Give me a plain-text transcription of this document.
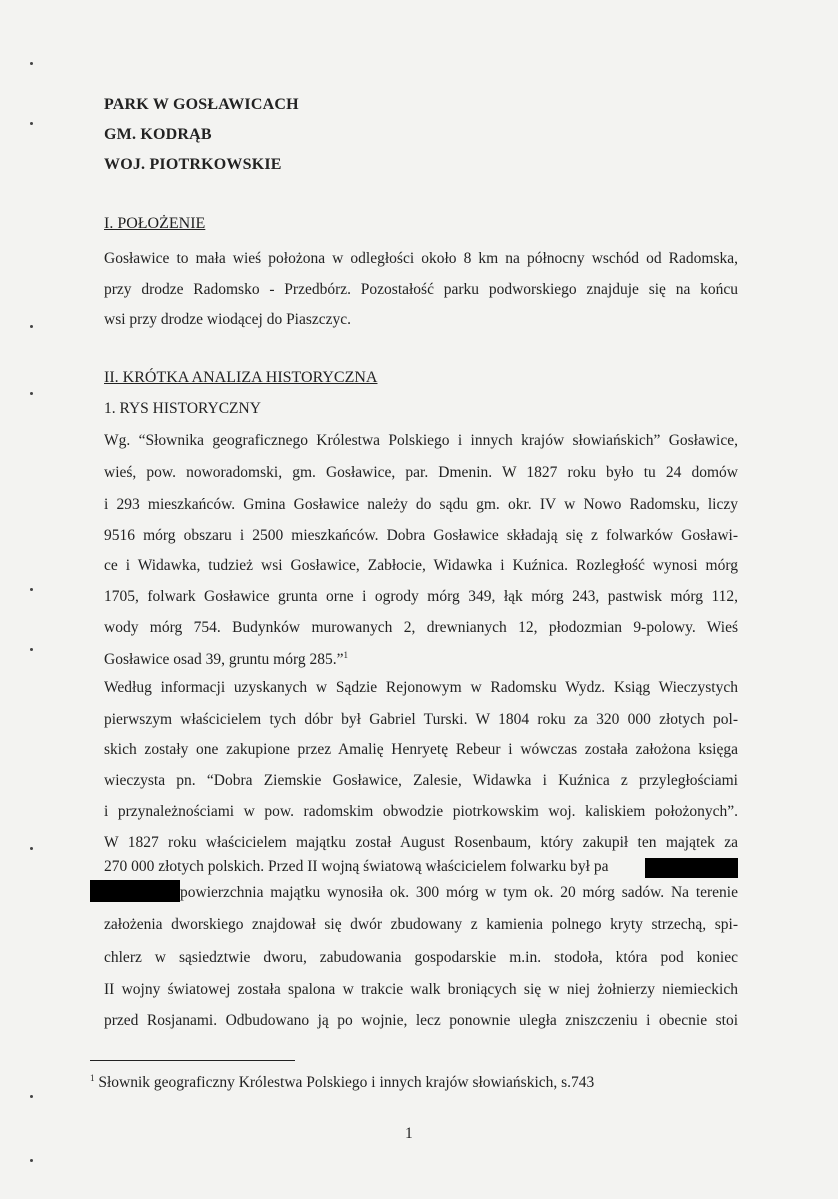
PARK W GOSŁAWICACH
GM. KODRĄB
WOJ. PIOTRKOWSKIE
I. POŁOŻENIE
Gosławice to mała wieś położona w odległości około 8 km na północny wschód od Radomska,
przy drodze Radomsko - Przedbórz. Pozostałość parku podworskiego znajduje się na końcu
wsi przy drodze wiodącej do Piaszczyc.
II. KRÓTKA ANALIZA HISTORYCZNA
1. RYS HISTORYCZNY
Wg. “Słownika geograficznego Królestwa Polskiego i innych krajów słowiańskich” Gosławice,
wieś, pow. noworadomski, gm. Gosławice, par. Dmenin. W 1827 roku było tu 24 domów
i 293 mieszkańców. Gmina Gosławice należy do sądu gm. okr. IV w Nowo Radomsku, liczy
9516 mórg obszaru i 2500 mieszkańców. Dobra Gosławice składają się z folwarków Gosławi-
ce i Widawka, tudzież wsi Gosławice, Zabłocie, Widawka i Kuźnica. Rozległość wynosi mórg
1705, folwark Gosławice grunta orne i ogrody mórg 349, łąk mórg 243, pastwisk mórg 112,
wody mórg 754. Budynków murowanych 2, drewnianych 12, płodozmian 9-polowy. Wieś
Gosławice osad 39, gruntu mórg 285.”$^1$
Według informacji uzyskanych w Sądzie Rejonowym w Radomsku Wydz. Ksiąg Wieczystych
pierwszym właścicielem tych dóbr był Gabriel Turski. W 1804 roku za 320 000 złotych pol-
skich zostały one zakupione przez Amalię Henryetę Rebeur i wówczas została założona księga
wieczysta pn. “Dobra Ziemskie Gosławice, Zalesie, Widawka i Kuźnica z przyległościami
i przynależnościami w pow. radomskim obwodzie piotrkowskim woj. kaliskiem położonych”.
W 1827 roku właścicielem majątku został August Rosenbaum, który zakupił ten majątek za
270 000 złotych polskich. Przed II wojną światową właścicielem folwarku był pa
powierzchnia majątku wynosiła ok. 300 mórg w tym ok. 20 mórg sadów. Na terenie
założenia dworskiego znajdował się dwór zbudowany z kamienia polnego kryty strzechą, spi-
chlerz w sąsiedztwie dworu, zabudowania gospodarskie m.in. stodoła, która pod koniec
II wojny światowej została spalona w trakcie walk broniących się w niej żołnierzy niemieckich
przed Rosjanami. Odbudowano ją po wojnie, lecz ponownie uległa zniszczeniu i obecnie stoi
$^1$ Słownik geograficzny Królestwa Polskiego i innych krajów słowiańskich, s.743
1
